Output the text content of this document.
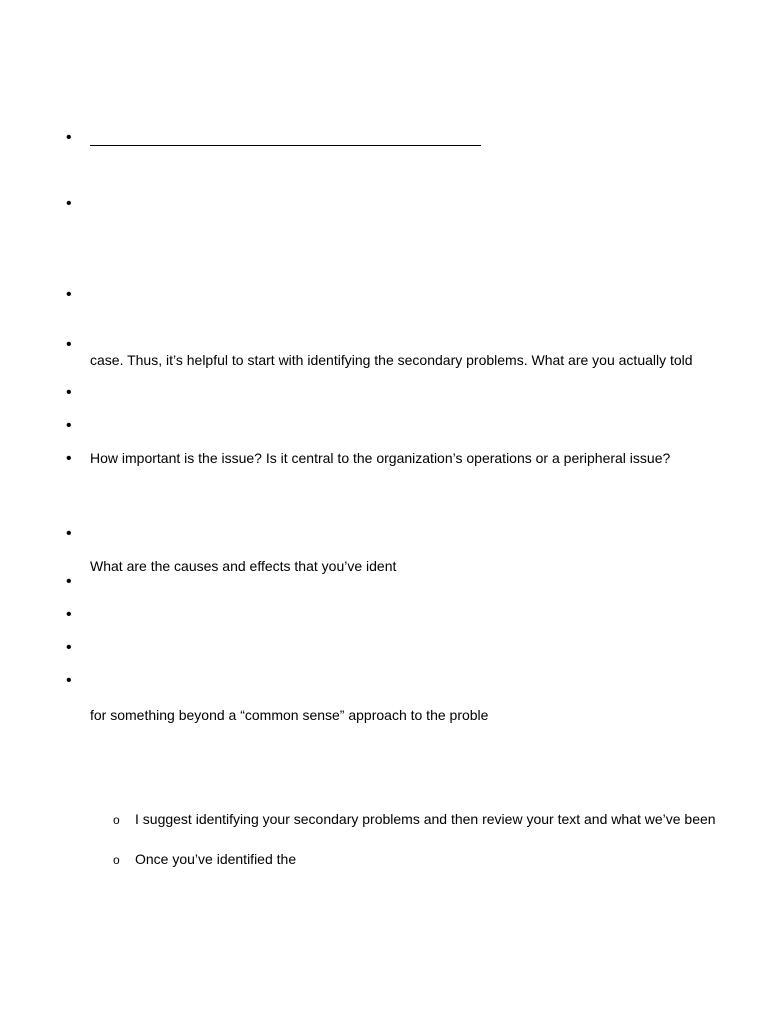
•
•
•
•
case. Thus, it’s helpful to start with identifying the secondary problems. What are you actually told
•
•
• How important is the issue? Is it central to the organization’s operations or a peripheral issue?
•
What are the causes and effects that you’ve ident
•
•
•
•
for something beyond a “common sense” approach to the proble
o I suggest identifying your secondary problems and then review your text and what we’ve been
o Once you’ve identified the
